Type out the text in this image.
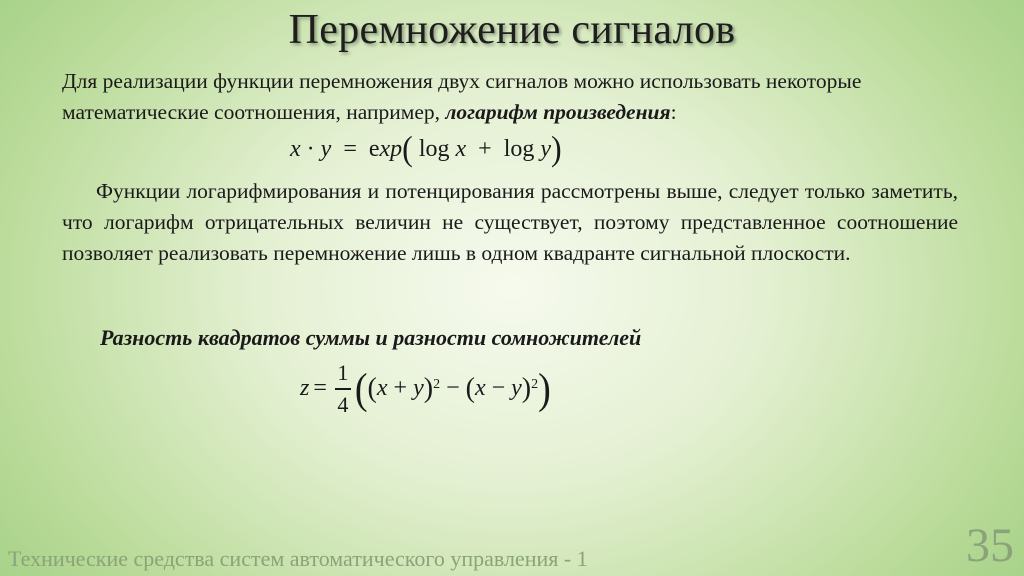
Перемножение сигналов
Для реализации функции перемножения двух сигналов можно использовать некоторые математические соотношения, например, логарифм произведения:
x · y = exp( log x + log y)
Функции логарифмирования и потенцирования рассмотрены выше, следует только заметить, что логарифм отрицательных величин не существует, поэтому представленное соотношение позволяет реализовать перемножение лишь в одном квадранте сигнальной плоскости.
Разность квадратов суммы и разности сомножителей
$z = \frac{1}{4}$ ( ( x + y ) 2 − ( x − y ) 2 )
Технические средства систем автоматического управления - 1	35
